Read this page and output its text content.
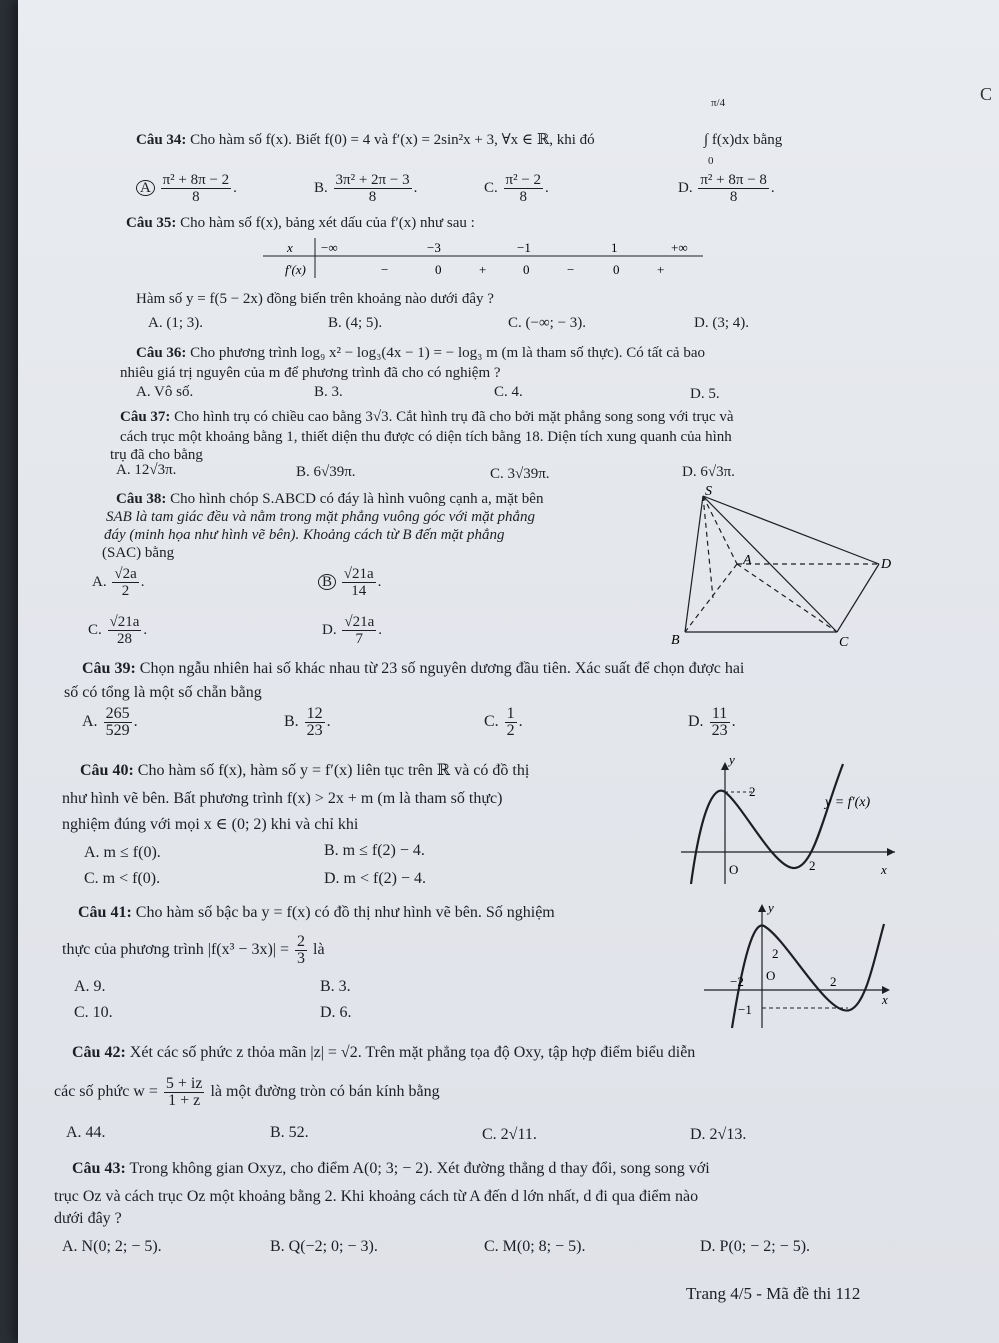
C
Câu 34: Cho hàm số f(x). Biết f(0) = 4 và f′(x) = 2sin²x + 3, ∀x ∈ ℝ, khi đó
π/4
0
∫ f(x)dx bằng
A $\frac{\text{π² + 8π − 2}}{8}$ .	B. $\frac{\text{3π² + 2π − 3}}{8}$ .	C. $\frac{\text{π² − 2}}{8}$ .	D. $\frac{\text{π² + 8π − 8}}{8}$ .
Câu 35: Cho hàm số f(x), bảng xét dấu của f′(x) như sau :
x −∞	−3	−1	1	+∞
f′(x)	−	0	+	0	−	0	+
Hàm số y = f(5 − 2x) đồng biến trên khoảng nào dưới đây ?
A. (1; 3).	B. (4; 5).	C. (−∞; − 3).	D. (3; 4).
Câu 36: Cho phương trình log₉ x² − log₃(4x − 1) = − log₃ m (m là tham số thực). Có tất cả bao
nhiêu giá trị nguyên của m để phương trình đã cho có nghiệm ?
A. Vô số.	B. 3.	C. 4.	D. 5.
Câu 37: Cho hình trụ có chiều cao bằng 3√3. Cắt hình trụ đã cho bởi mặt phẳng song song với trục và
cách trục một khoảng bằng 1, thiết diện thu được có diện tích bằng 18. Diện tích xung quanh của hình
trụ đã cho bằng
A. 12√3π.	B. 6√39π.	C. 3√39π.	D. 6√3π.
Câu 38: Cho hình chóp S.ABCD có đáy là hình vuông cạnh a, mặt bên
SAB là tam giác đều và nằm trong mặt phẳng vuông góc với mặt phẳng
đáy (minh họa như hình vẽ bên). Khoảng cách từ B đến mặt phẳng
(SAC) bằng
A. $\frac{√2a}{2}$ .	B $\frac{√21a}{14}$ .
C. $\frac{√21a}{28}$ .	D. $\frac{√21a}{7}$ .
S
A	D
B	C
Câu 39: Chọn ngẫu nhiên hai số khác nhau từ 23 số nguyên dương đầu tiên. Xác suất để chọn được hai
số có tổng là một số chẵn bằng
A. $\frac{265}{529}$ .	B. $\frac{12}{23}$ .	C. $\frac{1}{2}$ .	D. $\frac{11}{23}$ .
Câu 40: Cho hàm số f(x), hàm số y = f′(x) liên tục trên ℝ và có đồ thị
như hình vẽ bên. Bất phương trình f(x) > 2x + m (m là tham số thực)
nghiệm đúng với mọi x ∈ (0; 2) khi và chỉ khi
A. m ≤ f(0).	B. m ≤ f(2) − 4.
C. m < f(0).	D. m < f(2) − 4.
y
2
y = f′(x)
O	2	x
Câu 41: Cho hàm số bậc ba y = f(x) có đồ thị như hình vẽ bên. Số nghiệm
thực của phương trình $|f(x^3 - 3x)| = \frac{2}{3}$ là
A. 9.	B. 3.
C. 10.	D. 6.
y
2
−2 O	2
x
−1
Câu 42: Xét các số phức z thỏa mãn |z| = √2. Trên mặt phẳng tọa độ Oxy, tập hợp điểm biểu diễn
các số phức $w = \frac{5 + iz}{1 + z}$ là một đường tròn có bán kính bằng
A. 44.	B. 52.	C. 2√11.	D. 2√13.
Câu 43: Trong không gian Oxyz, cho điểm A(0; 3; − 2). Xét đường thẳng d thay đổi, song song với
trục Oz và cách trục Oz một khoảng bằng 2. Khi khoảng cách từ A đến d lớn nhất, d đi qua điểm nào
dưới đây ?
A. N(0; 2; − 5).	B. Q(−2; 0; − 3).	C. M(0; 8; − 5).	D. P(0; − 2; − 5).
Trang 4/5 - Mã đề thi 112
